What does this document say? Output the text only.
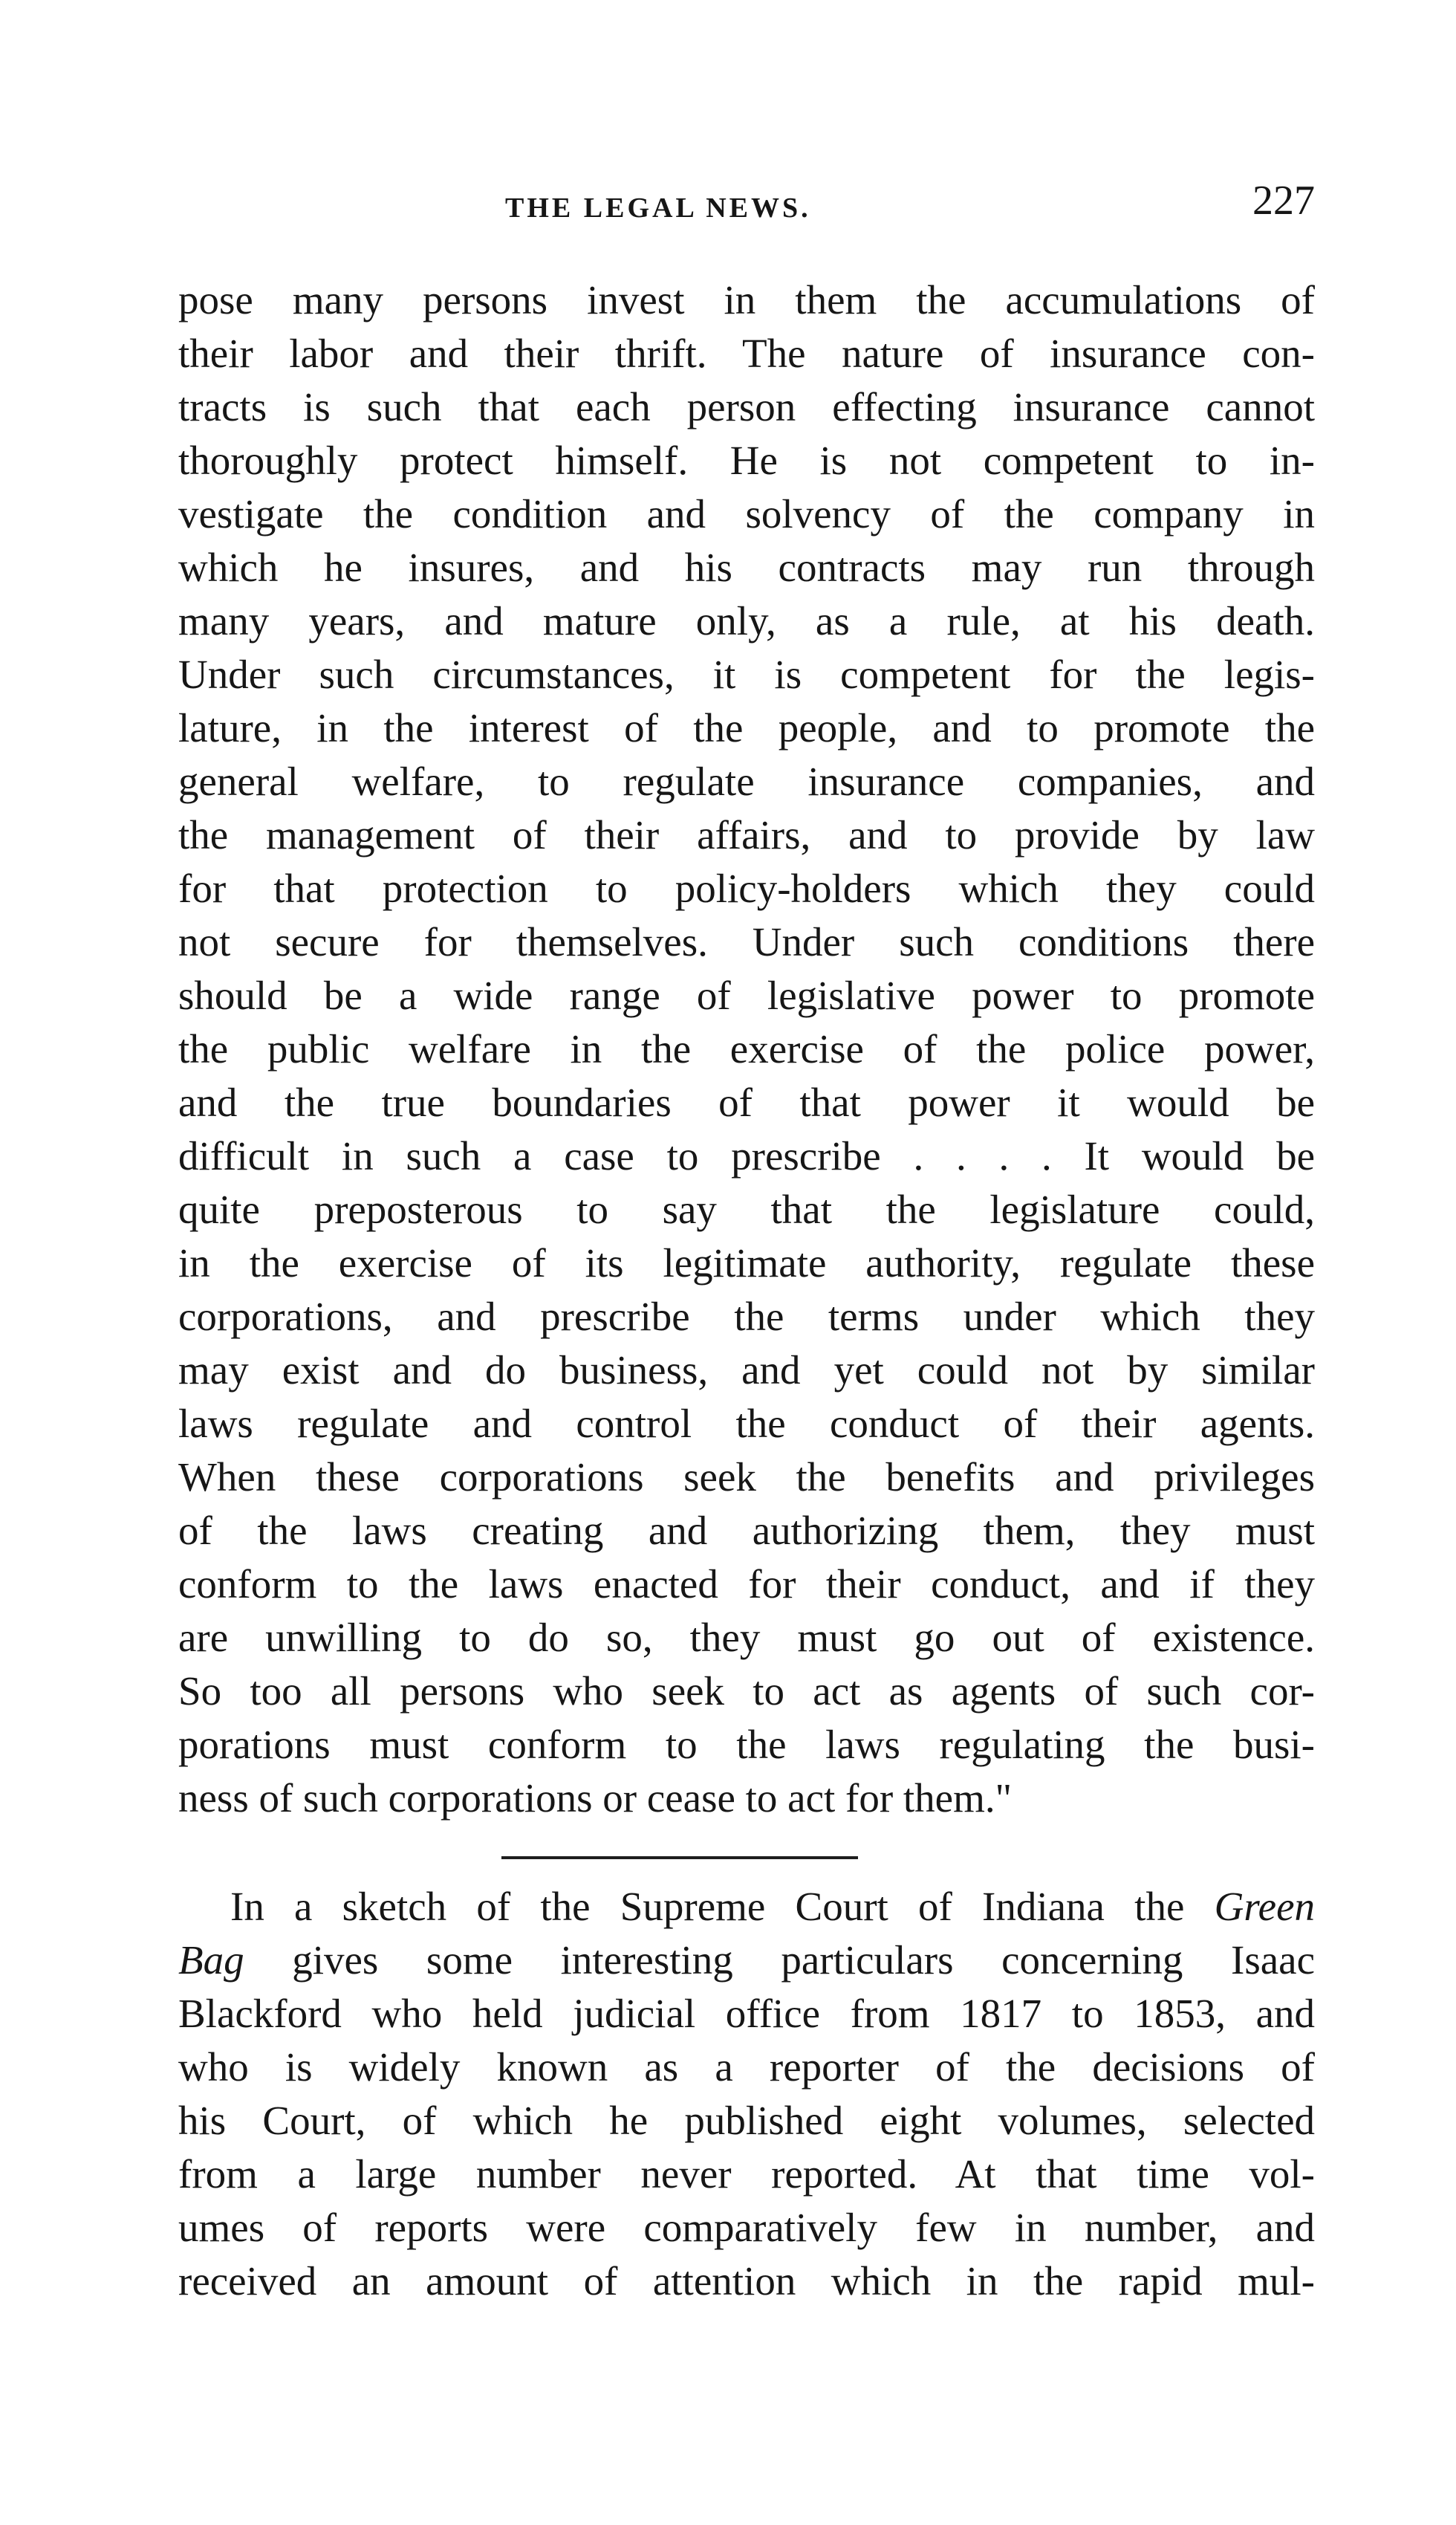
THE LEGAL NEWS.	227
pose many persons invest in them the accumulations of
their labor and their thrift. The nature of insurance con-
tracts is such that each person effecting insurance cannot
thoroughly protect himself. He is not competent to in-
vestigate the condition and solvency of the company in
which he insures, and his contracts may run through
many years, and mature only, as a rule, at his death.
Under such circumstances, it is competent for the legis-
lature, in the interest of the people, and to promote the
general welfare, to regulate insurance companies, and
the management of their affairs, and to provide by law
for that protection to policy-holders which they could
not secure for themselves. Under such conditions there
should be a wide range of legislative power to promote
the public welfare in the exercise of the police power,
and the true boundaries of that power it would be
difficult in such a case to prescribe . . . . It would be
quite preposterous to say that the legislature could,
in the exercise of its legitimate authority, regulate these
corporations, and prescribe the terms under which they
may exist and do business, and yet could not by similar
laws regulate and control the conduct of their agents.
When these corporations seek the benefits and privileges
of the laws creating and authorizing them, they must
conform to the laws enacted for their conduct, and if they
are unwilling to do so, they must go out of existence.
So too all persons who seek to act as agents of such cor-
porations must conform to the laws regulating the busi-
ness of such corporations or cease to act for them."
In a sketch of the Supreme Court of Indiana the Green
Bag gives some interesting particulars concerning Isaac
Blackford who held judicial office from 1817 to 1853, and
who is widely known as a reporter of the decisions of
his Court, of which he published eight volumes, selected
from a large number never reported. At that time vol-
umes of reports were comparatively few in number, and
received an amount of attention which in the rapid mul-
